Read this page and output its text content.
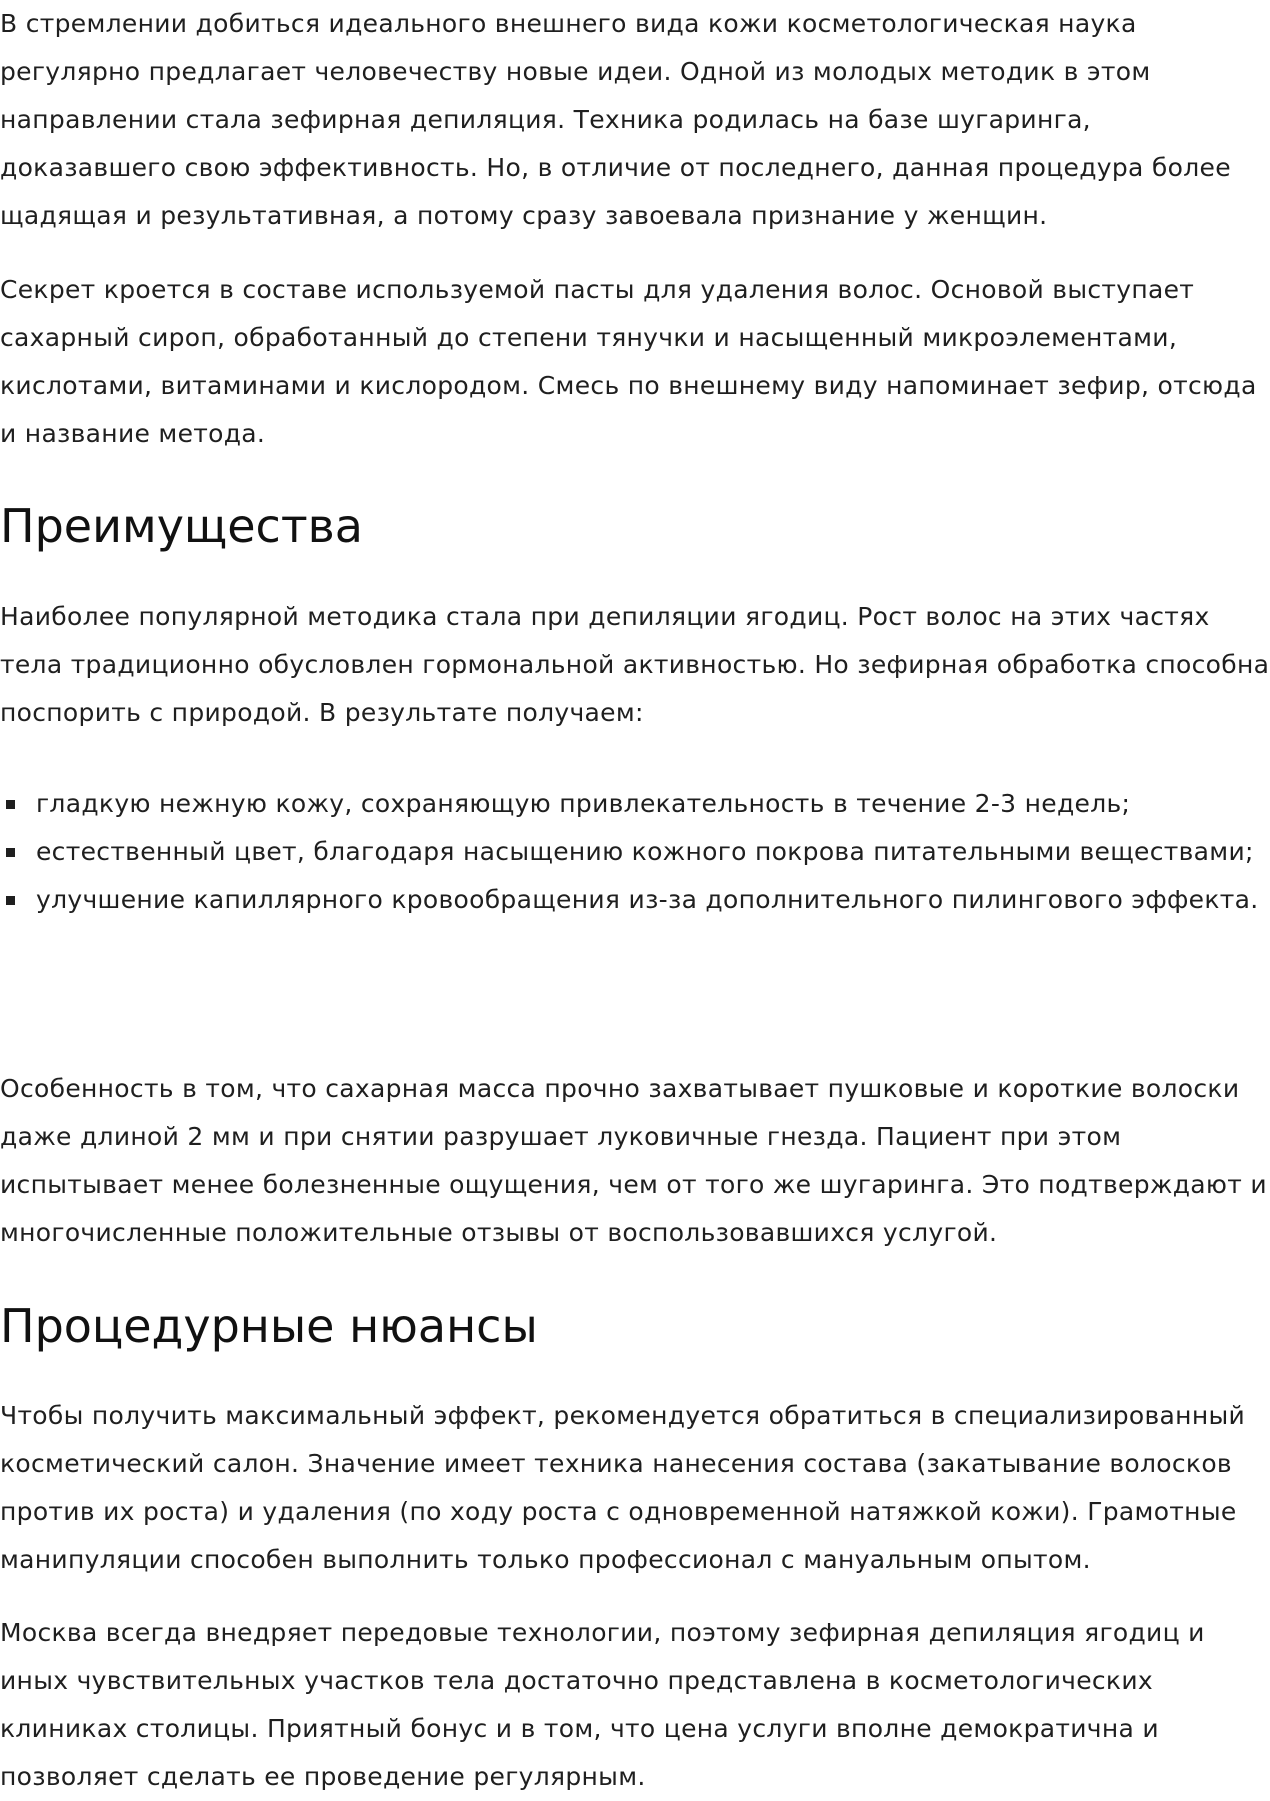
В стремлении добиться идеального внешнего вида кожи косметологическая наука регулярно предлагает человечеству новые идеи. Одной из молодых методик в этом направлении стала зефирная депиляция. Техника родилась на базе шугаринга, доказавшего свою эффективность. Но, в отличие от последнего, данная процедура более щадящая и результативная, а потому сразу завоевала признание у женщин.

Секрет кроется в составе используемой пасты для удаления волос. Основой выступает сахарный сироп, обработанный до степени тянучки и насыщенный микроэлементами, кислотами, витаминами и кислородом. Смесь по внешнему виду напоминает зефир, отсюда и название метода.

Преимущества

Наиболее популярной методика стала при депиляции ягодиц. Рост волос на этих частях тела традиционно обусловлен гормональной активностью. Но зефирная обработка способна поспорить с природой. В результате получаем:

гладкую нежную кожу, сохраняющую привлекательность в течение 2-3 недель;
естественный цвет, благодаря насыщению кожного покрова питательными веществами;
улучшение капиллярного кровообращения из-за дополнительного пилингового эффекта.

Особенность в том, что сахарная масса прочно захватывает пушковые и короткие волоски даже длиной 2 мм и при снятии разрушает луковичные гнезда. Пациент при этом испытывает менее болезненные ощущения, чем от того же шугаринга. Это подтверждают и многочисленные положительные отзывы от воспользовавшихся услугой.

Процедурные нюансы

Чтобы получить максимальный эффект, рекомендуется обратиться в специализированный косметический салон. Значение имеет техника нанесения состава (закатывание волосков против их роста) и удаления (по ходу роста с одновременной натяжкой кожи). Грамотные манипуляции способен выполнить только профессионал с мануальным опытом.

Москва всегда внедряет передовые технологии, поэтому зефирная депиляция ягодиц и иных чувствительных участков тела достаточно представлена в косметологических клиниках столицы. Приятный бонус и в том, что цена услуги вполне демократична и позволяет сделать ее проведение регулярным.
